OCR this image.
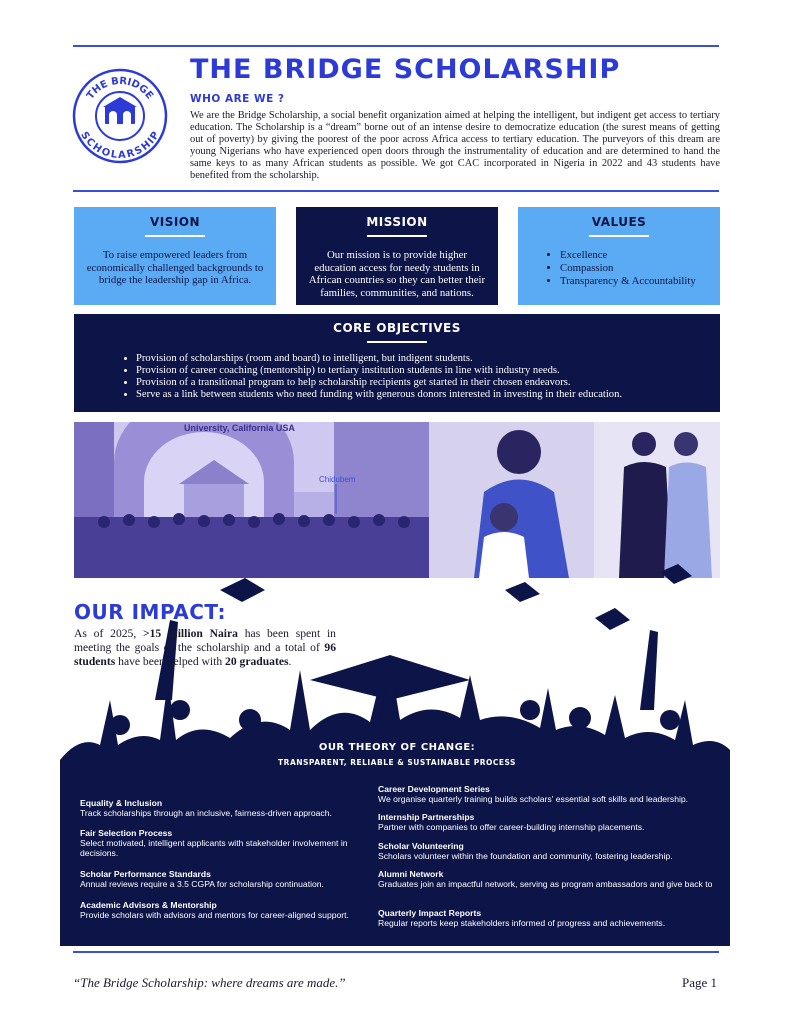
THE BRIDGE
SCHOLARSHIP
THE BRIDGE SCHOLARSHIP
WHO ARE WE ?
We are the Bridge Scholarship, a social benefit organization aimed at helping the intelligent, but indigent get access to tertiary education. The Scholarship is a “dream” borne out of an intense desire to democratize education (the surest means of getting out of poverty) by giving the poorest of the poor across Africa access to tertiary education. The purveyors of this dream are young Nigerians who have experienced open doors through the instrumentality of education and are determined to hand the same keys to as many African students as possible. We got CAC incorporated in Nigeria in 2022 and 43 students have benefited from the scholarship.
VISION

To raise empowered leaders from economically challenged backgrounds to bridge the leadership gap in Africa.

MISSION

Our mission is to provide higher education access for needy students in African countries so they can better their families, communities, and nations.

VALUES
• Excellence
• Compassion
• Transparency & Accountability
CORE OBJECTIVES
• Provision of scholarships (room and board) to intelligent, but indigent students.
• Provision of career coaching (mentorship) to tertiary institution students in line with industry needs.
• Provision of a transitional program to help scholarship recipients get started in their chosen endeavors.
• Serve as a link between students who need funding with generous donors interested in investing in their education.
University, California USA
Chidubem
OUR IMPACT:
As of 2025, >15 million Naira has been spent in meeting the goals of the scholarship and a total of 96 students have been helped with 20 graduates.
OUR THEORY OF CHANGE:
TRANSPARENT, RELIABLE & SUSTAINABLE PROCESS
Equality & Inclusion
Track scholarships through an inclusive, fairness-driven approach.
Fair Selection Process
Select motivated, intelligent applicants with stakeholder involvement in decisions.
Scholar Performance Standards
Annual reviews require a 3.5 CGPA for scholarship continuation.
Academic Advisors & Mentorship
Provide scholars with advisors and mentors for career-aligned support.
Career Development Series
We organise quarterly training builds scholars' essential soft skills and leadership.
Internship Partnerships
Partner with companies to offer career-building internship placements.
Scholar Volunteering
Scholars volunteer within the foundation and community, fostering leadership.
Alumni Network
Graduates join an impactful network, serving as program ambassadors and give back to
Quarterly Impact Reports
Regular reports keep stakeholders informed of progress and achievements.
“The Bridge Scholarship: where dreams are made.”	Page 1
